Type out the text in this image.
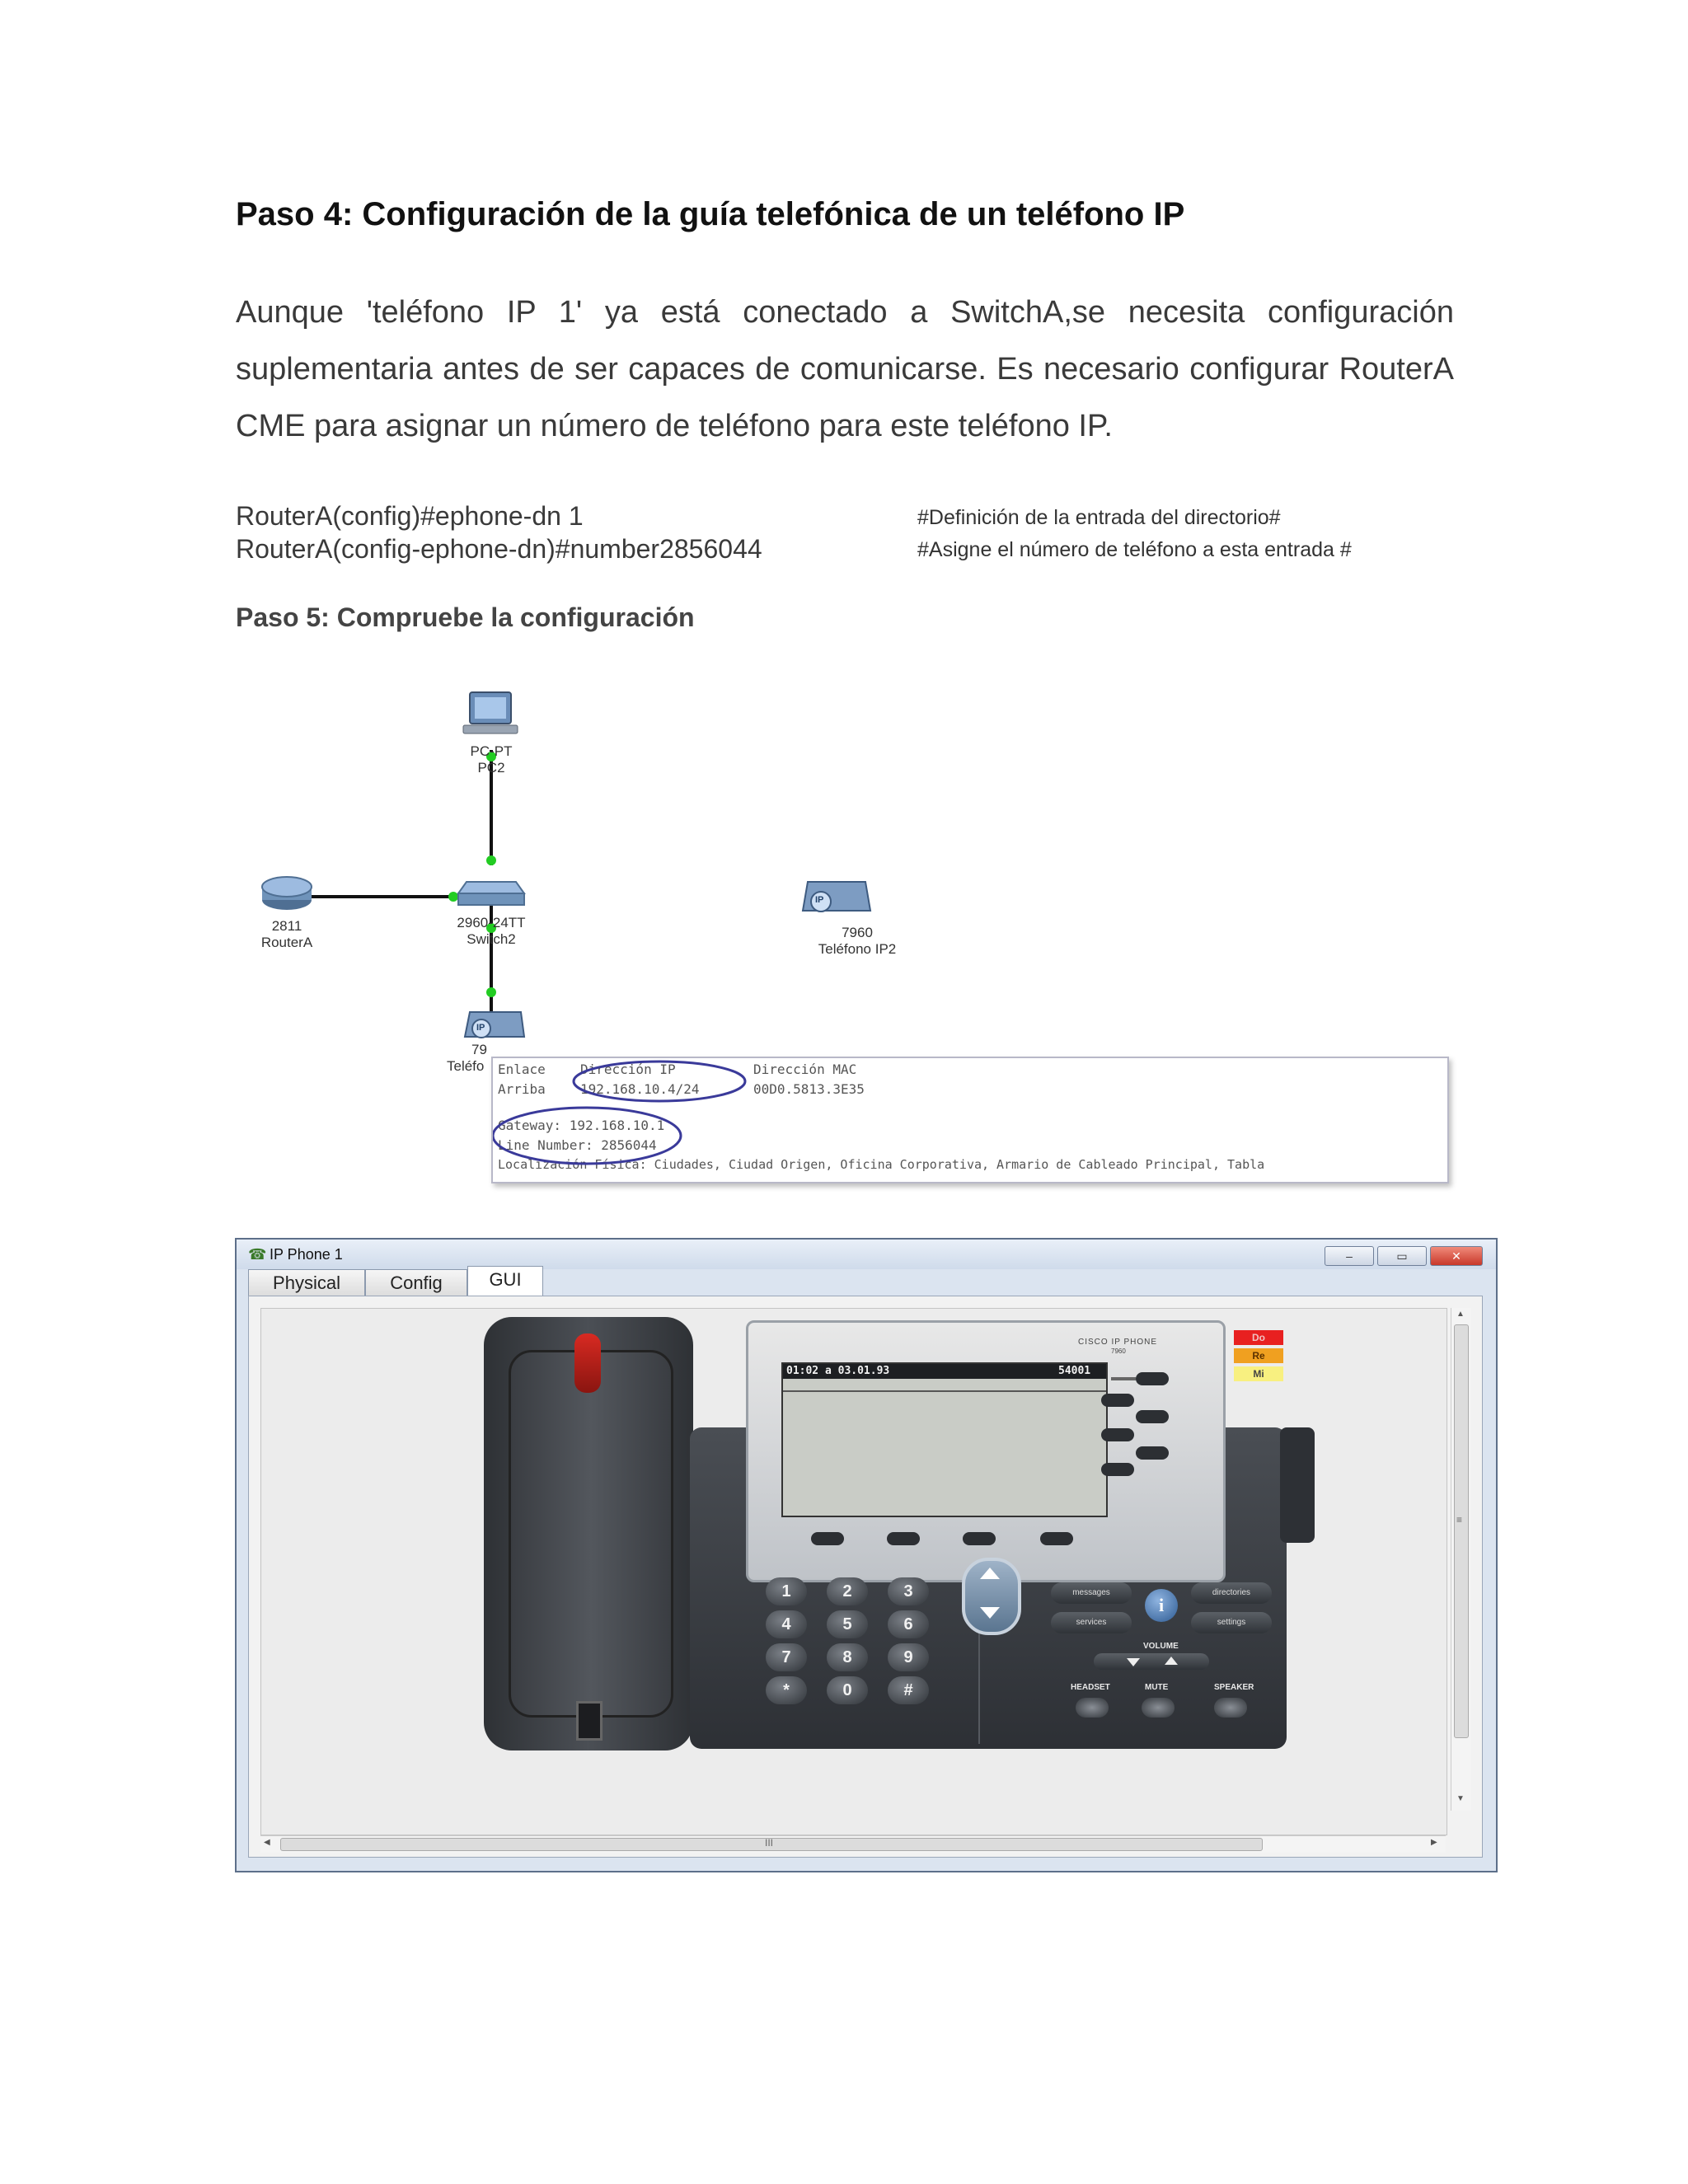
Paso 4: Configuración de la guía telefónica de un teléfono IP
Aunque 'teléfono IP 1' ya está conectado a SwitchA,se necesita configuración suplementaria antes de ser capaces de comunicarse. Es necesario configurar RouterA CME para asignar un número de teléfono para este teléfono IP.
RouterA(config)#ephone-dn 1	#Definición de la entrada del directorio#
RouterA(config-ephone-dn)#number2856044	#Asigne el número de teléfono a esta entrada #
Paso 5: Compruebe la configuración
PC-PT
PC2
2811
RouterA
2960-24TT
Switch2	7960
Teléfono IP2
IP
IP
79
Teléfo	Enlace	Dirección IP	Dirección MAC
Arriba	192.168.10.4/24	00D0.5813.3E35
Gateway: 192.168.10.1
Line Number: 2856044
Localización Física: Ciudades, Ciudad Origen, Oficina Corporativa, Armario de Cableado Principal, Tabla
☎ IP Phone 1	–	▭	✕
Physical	Config	GUI
CISCO IP PHONE
7960
01:02 a 03.01.93	54001
Do
Re
Mi
1	2	3
4	5	6
7	8	9
*	0	#
messages	directories
services	settings
i
VOLUME
HEADSET	MUTE	SPEAKER
▲
≡
▼
◀	III	▶
